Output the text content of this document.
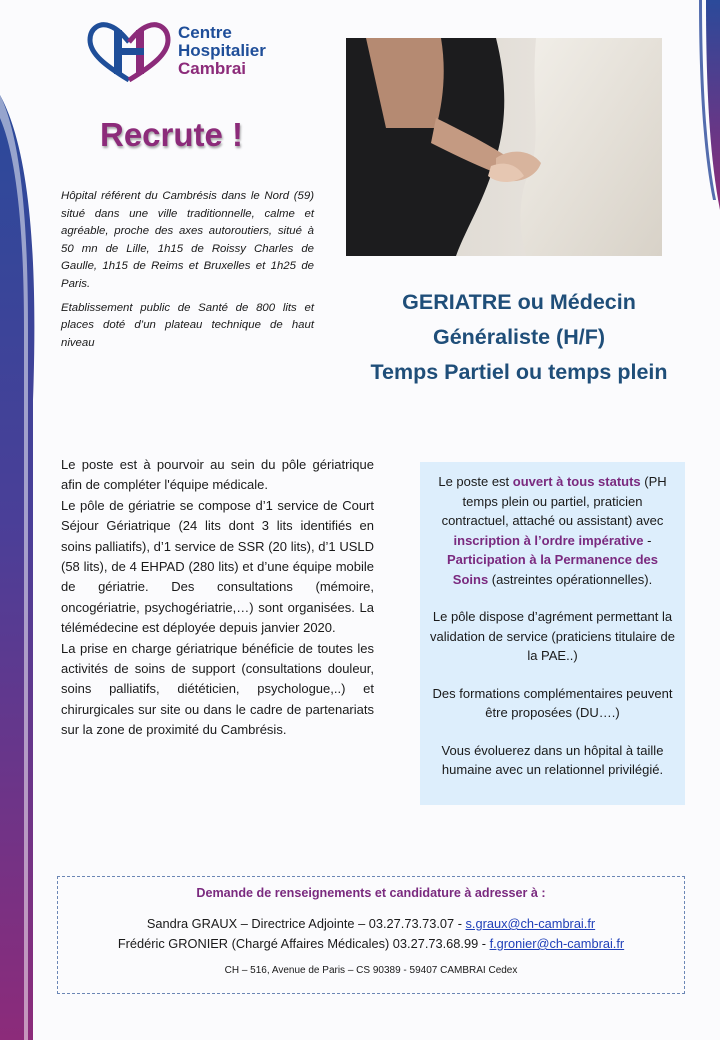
Centre
Hospitalier
Cambrai
Recrute !

Hôpital référent du Cambrésis dans le Nord (59) situé dans une ville traditionnelle, calme et agréable, proche des axes autoroutiers, situé à 50 mn de Lille, 1h15 de Roissy Charles de Gaulle, 1h15 de Reims et Bruxelles et 1h25 de Paris.

Etablissement public de Santé de 800 lits et places doté d’un plateau technique de haut niveau

GERIATRE ou Médecin
Généraliste (H/F)
Temps Partiel ou temps plein

Le poste est à pourvoir au sein du pôle gériatrique afin de compléter l'équipe médicale.

Le pôle de gériatrie se compose d’1 service de Court Séjour Gériatrique (24 lits dont 3 lits identifiés en soins palliatifs), d’1 service de SSR (20 lits), d’1 USLD (58 lits), de 4 EHPAD (280 lits) et d’une équipe mobile de gériatrie. Des consultations (mémoire, oncogériatrie, psychogériatrie,…) sont organisées. La télémédecine est déployée depuis janvier 2020.

La prise en charge gériatrique bénéficie de toutes les activités de soins de support (consultations douleur, soins palliatifs, diététicien, psychologue,..) et chirurgicales sur site ou dans le cadre de partenariats sur la zone de proximité du Cambrésis.

Le poste est ouvert à tous statuts (PH temps plein ou partiel, praticien contractuel, attaché ou assistant) avec inscription à l’ordre impérative - Participation à la Permanence des Soins (astreintes opérationnelles).

Le pôle dispose d’agrément permettant la validation de service (praticiens titulaire de la PAE..)

Des formations complémentaires peuvent être proposées (DU….)

Vous évoluerez dans un hôpital à taille humaine avec un relationnel privilégié.

Demande de renseignements et candidature à adresser à :
Sandra GRAUX – Directrice Adjointe – 03.27.73.73.07 - s.graux@ch-cambrai.fr
Frédéric GRONIER (Chargé Affaires Médicales) 03.27.73.68.99 - f.gronier@ch-cambrai.fr
CH – 516, Avenue de Paris – CS 90389 - 59407 CAMBRAI Cedex
